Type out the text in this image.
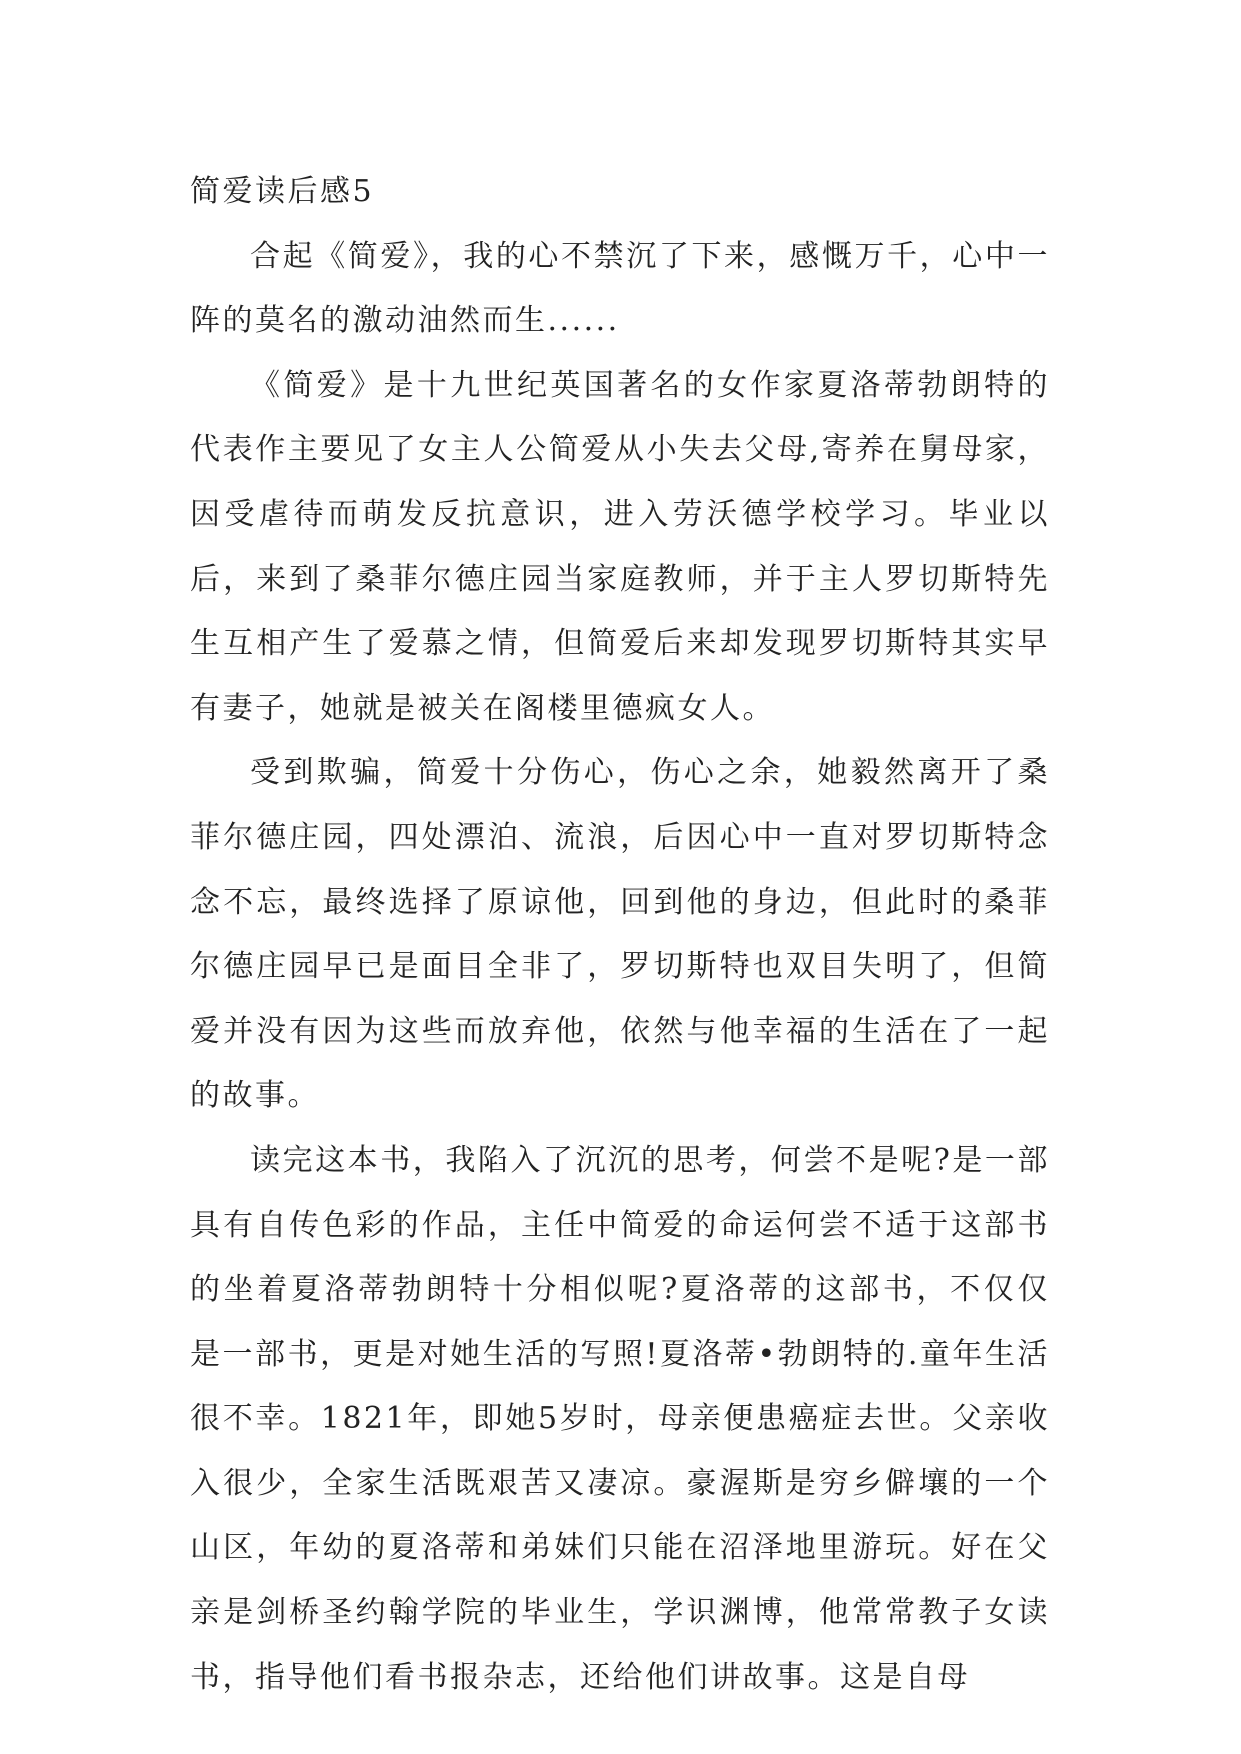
简爱读后感5

合起《简爱》，我的心不禁沉了下来，感慨万千，心中一阵的莫名的激动油然而生......

《简爱》是十九世纪英国著名的女作家夏洛蒂勃朗特的代表作主要见了女主人公简爱从小失去父母,寄养在舅母家，因受虐待而萌发反抗意识，进入劳沃德学校学习。毕业以后，来到了桑菲尔德庄园当家庭教师，并于主人罗切斯特先生互相产生了爱慕之情，但简爱后来却发现罗切斯特其实早有妻子，她就是被关在阁楼里德疯女人。

受到欺骗，简爱十分伤心，伤心之余，她毅然离开了桑菲尔德庄园，四处漂泊、流浪，后因心中一直对罗切斯特念念不忘，最终选择了原谅他，回到他的身边，但此时的桑菲尔德庄园早已是面目全非了，罗切斯特也双目失明了，但简爱并没有因为这些而放弃他，依然与他幸福的生活在了一起的故事。

读完这本书，我陷入了沉沉的思考，何尝不是呢?是一部具有自传色彩的作品，主任中简爱的命运何尝不适于这部书的坐着夏洛蒂勃朗特十分相似呢?夏洛蒂的这部书，不仅仅是一部书，更是对她生活的写照!夏洛蒂•勃朗特的.童年生活很不幸。1821年，即她5岁时，母亲便患癌症去世。父亲收入很少，全家生活既艰苦又凄凉。豪渥斯是穷乡僻壤的一个山区，年幼的夏洛蒂和弟妹们只能在沼泽地里游玩。好在父亲是剑桥圣约翰学院的毕业生，学识渊博，他常常教子女读书，指导他们看书报杂志，还给他们讲故事。这是自母
